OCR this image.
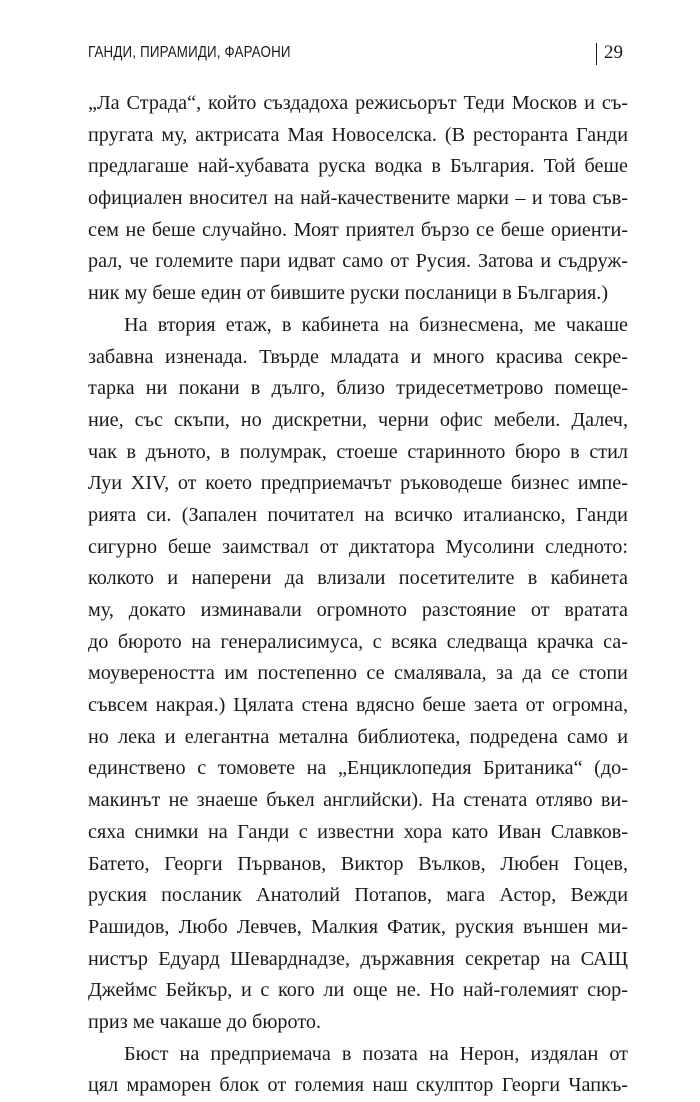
ГАНДИ, ПИРАМИДИ, ФАРАОНИ	29
„Ла Страда“, който създадоха режисьорът Теди Москов и съ-
пругата му, актрисата Мая Новоселска. (В ресторанта Ганди
предлагаше най-хубавата руска водка в България. Той беше
официален вносител на най-качествените марки – и това съв-
сем не беше случайно. Моят приятел бързо се беше ориенти-
рал, че големите пари идват само от Русия. Затова и съдруж-
ник му беше един от бившите руски посланици в България.)
На втория етаж, в кабинета на бизнесмена, ме чакаше
забавна изненада. Твърде младата и много красива секре-
тарка ни покани в дълго, близо тридесетметрово помеще-
ние, със скъпи, но дискретни, черни офис мебели. Далеч,
чак в дъното, в полумрак, стоеше старинното бюро в стил
Луи XIV, от което предприемачът ръководеше бизнес импе-
рията си. (Запален почитател на всичко италианско, Ганди
сигурно беше заимствал от диктатора Мусолини следното:
колкото и наперени да влизали посетителите в кабинета
му, докато изминавали огромното разстояние от вратата
до бюрото на генералисимуса, с всяка следваща крачка са-
моувереността им постепенно се смалявала, за да се стопи
съвсем накрая.) Цялата стена вдясно беше заета от огромна,
но лека и елегантна метална библиотека, подредена само и
единствено с томовете на „Енциклопедия Британика“ (до-
макинът не знаеше бъкел английски). На стената отляво ви-
сяха снимки на Ганди с известни хора като Иван Славков-
Батето, Георги Първанов, Виктор Вълков, Любен Гоцев,
руския посланик Анатолий Потапов, мага Астор, Вежди
Рашидов, Любо Левчев, Малкия Фатик, руския външен ми-
нистър Едуард Шеварднадзе, държавния секретар на САЩ
Джеймс Бейкър, и с кого ли още не. Но най-големият сюр-
приз ме чакаше до бюрото.
Бюст на предприемача в позата на Нерон, издялан от
цял мраморен блок от големия наш скулптор Георги Чапкъ-
